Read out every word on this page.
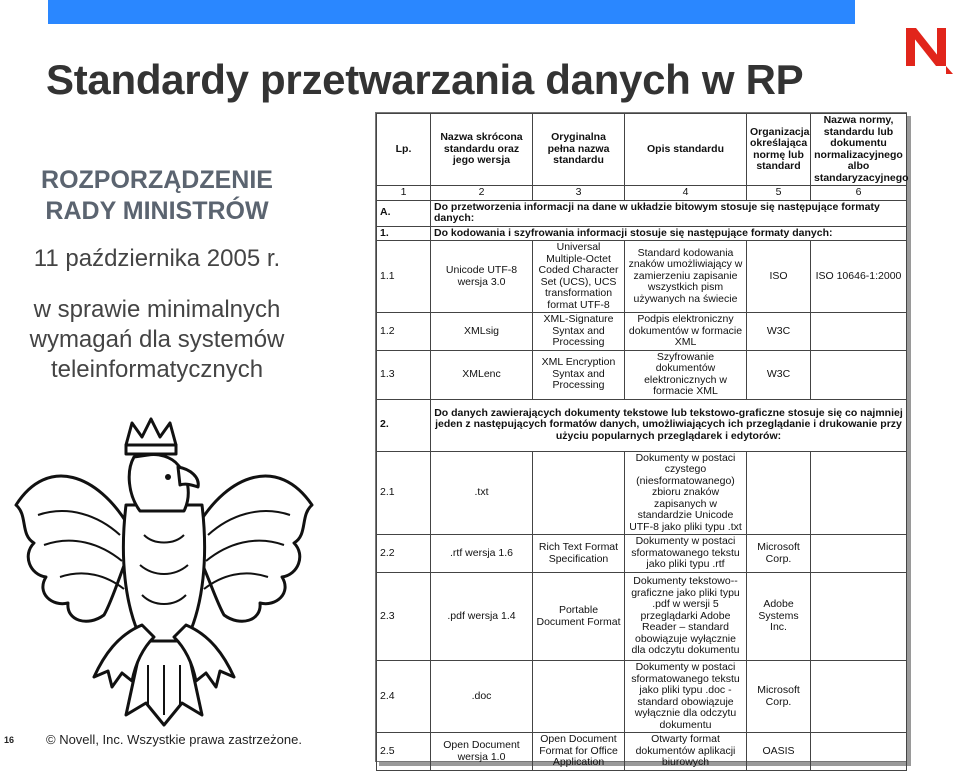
Standardy przetwarzania danych w RP
ROZPORZĄDZENIE
RADY MINISTRÓW
11 października 2005 r.
w sprawie minimalnych
wymagań dla systemów
teleinformatycznych
16 © Novell, Inc. Wszystkie prawa zastrzeżone.
Lp.	Nazwa skrócona standardu oraz jego wersja	Oryginalna pełna nazwa standardu	Opis standardu	Organizacja określająca normę lub standard	Nazwa normy, standardu lub dokumentu normalizacyjnego albo standaryzacyjnego
1	2	3	4	5	6
A.	Do przetworzenia informacji na dane w układzie bitowym stosuje się następujące formaty danych:				
1.	Do kodowania i szyfrowania informacji stosuje się następujące formaty danych:				
1.1	Unicode UTF-8 wersja 3.0	Universal Multiple-Octet Coded Character Set (UCS), UCS transformation format UTF-8	Standard kodowania znaków umożliwiający w zamierzeniu zapisanie wszystkich pism używanych na świecie	ISO	ISO 10646-1:2000
1.2	XMLsig	XML-Signature Syntax and Processing	Podpis elektroniczny dokumentów w formacie XML	W3C	
1.3	XMLenc	XML Encryption Syntax and Processing	Szyfrowanie dokumentów elektronicznych w formacie XML	W3C	
2.	Do danych zawierających dokumenty tekstowe lub tekstowo-graficzne stosuje się co najmniej jeden z następujących formatów danych, umożliwiających ich przeglądanie i drukowanie przy użyciu popularnych przeglądarek i edytorów:				
2.1	.txt		Dokumenty w postaci czystego (niesformatowanego) zbioru znaków zapisanych w standardzie Unicode UTF-8 jako pliki typu .txt		
2.2	.rtf wersja 1.6	Rich Text Format Specification	Dokumenty w postaci sformatowanego tekstu jako pliki typu .rtf	Microsoft Corp.	
2.3	.pdf wersja 1.4	Portable Document Format	Dokumenty tekstowo--graficzne jako pliki typu .pdf w wersji 5 przeglądarki Adobe Reader – standard obowiązuje wyłącznie dla odczytu dokumentu	Adobe Systems Inc.	
2.4	.doc		Dokumenty w postaci sformatowanego tekstu jako pliki typu .doc - standard obowiązuje wyłącznie dla odczytu dokumentu	Microsoft Corp.	
2.5	Open Document wersja 1.0	Open Document Format for Office Application	Otwarty format dokumentów aplikacji biurowych	OASIS	
